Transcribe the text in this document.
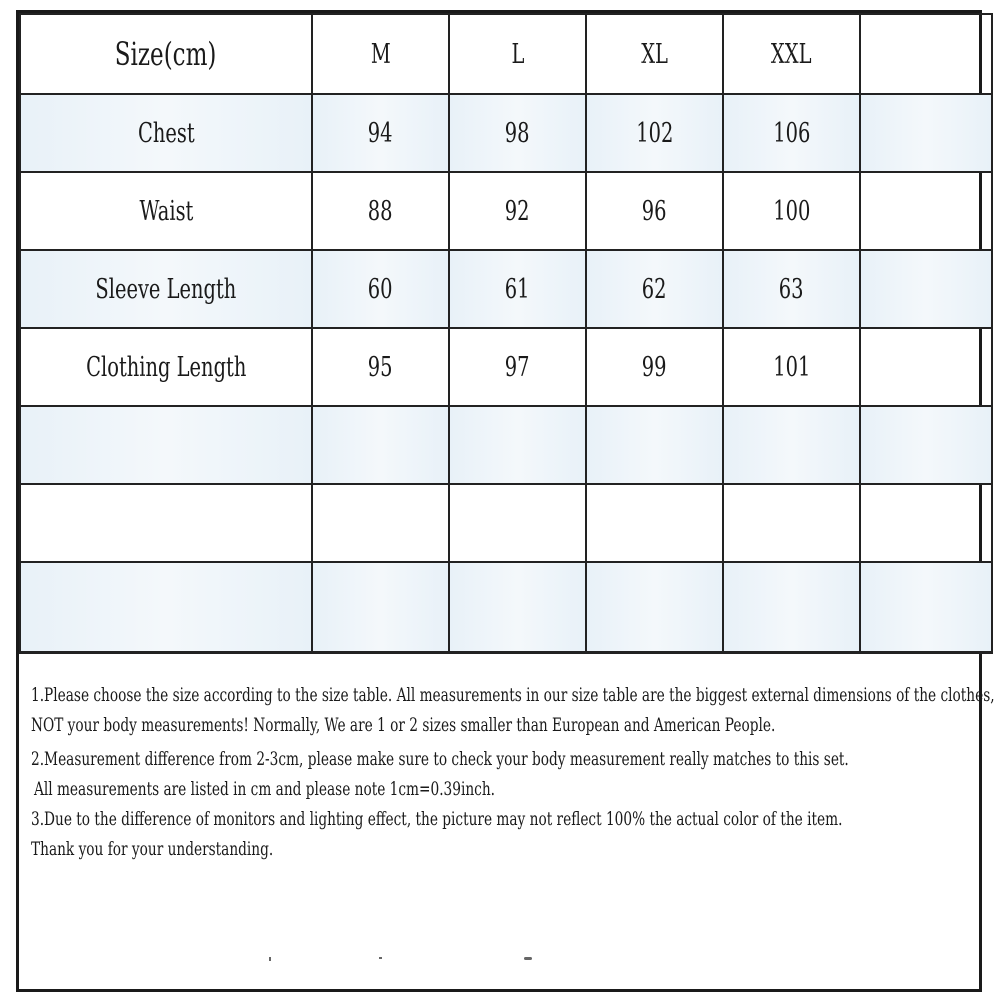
Size(cm)	M	L	XL	XXL	
Chest	94	98	102	106	
Waist	88	92	96	100	
Sleeve Length	60	61	62	63	
Clothing Length	95	97	99	101	

1.Please choose the size according to the size table. All measurements in our size table are the biggest external dimensions of the clothes,
NOT your body measurements! Normally, We are 1 or 2 sizes smaller than European and American People.
2.Measurement difference from 2-3cm, please make sure to check your body measurement really matches to this set.
All measurements are listed in cm and please note 1cm=0.39inch.
3.Due to the difference of monitors and lighting effect, the picture may not reflect 100% the actual color of the item.
Thank you for your understanding.
